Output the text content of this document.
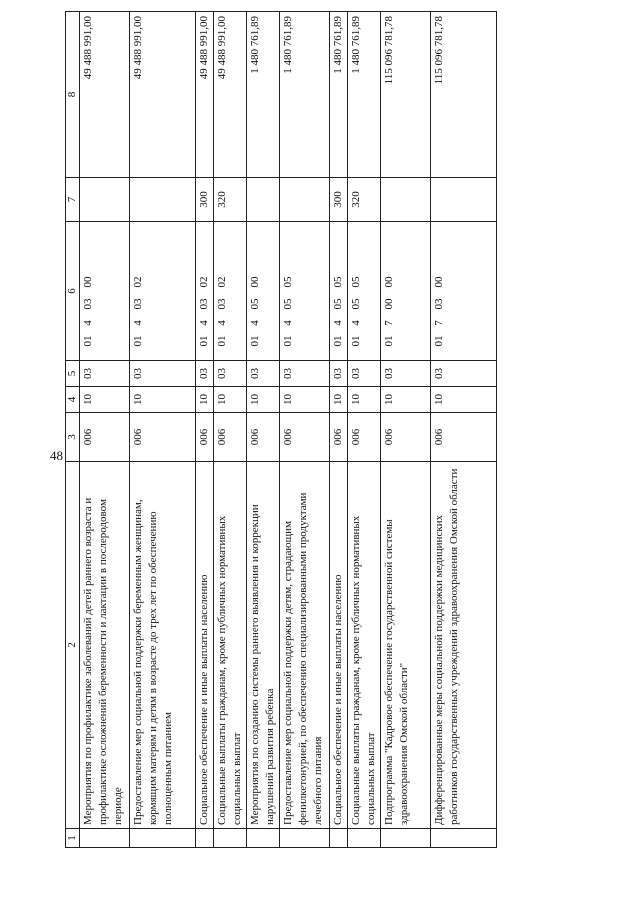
48
1	2	3	4	5	6	7	8
	Мероприятия по профилактике заболеваний детей раннего возраста и профилактике осложнений беременности и лактации в послеродовом периоде	006	10	03	0140300		49 488 991,00
	Предоставление мер социальной поддержки беременным женщинам, кормящим матерям и детям в возрасте до трех лет по обеспечению полноценным питанием	006	10	03	0140302		49 488 991,00
	Социальное обеспечение и иные выплаты населению	006	10	03	0140302	300	49 488 991,00
	Социальные выплаты гражданам, кроме публичных нормативных социальных выплат	006	10	03	0140302	320	49 488 991,00
	Мероприятия по созданию системы раннего выявления и коррекции нарушений развития ребенка	006	10	03	0140500		1 480 761,89
	Предоставление мер социальной поддержки детям, страдающим фенилкетонурией, по обеспечению специализированными продуктами лечебного питания	006	10	03	0140505		1 480 761,89
	Социальное обеспечение и иные выплаты населению	006	10	03	0140505	300	1 480 761,89
	Социальные выплаты гражданам, кроме публичных нормативных социальных выплат	006	10	03	0140505	320	1 480 761,89
	Подпрограмма "Кадровое обеспечение государственной системы здравоохранения Омской области"	006	10	03	0170000		115 096 781,78
	Дифференцированные меры социальной поддержки медицинских работников государственных учреждений здравоохранения Омской области	006	10	03	0170300		115 096 781,78
